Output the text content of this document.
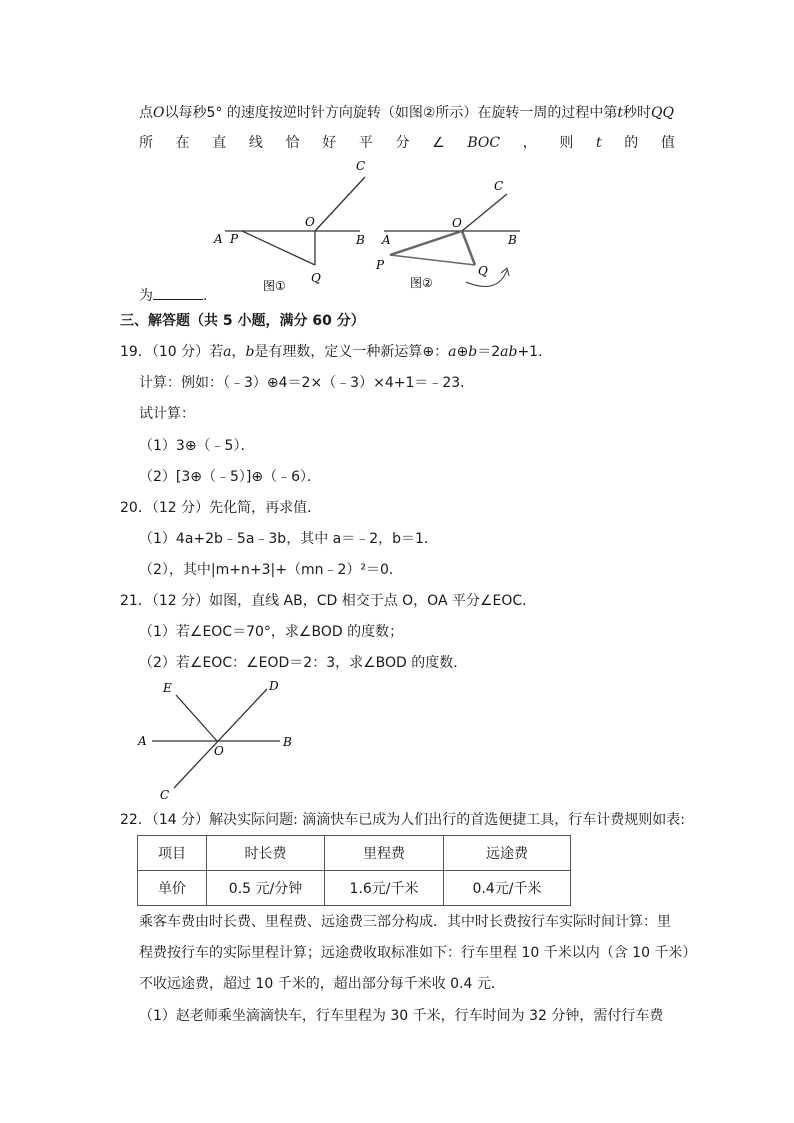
点O以每秒5° 的速度按逆时针方向旋转（如图②所示）在旋转一周的过程中第t秒时QQ
所 在 直 线 恰 好 平 分 ∠ BOC ， 则 t 的 值
C
O
A P	B
Q
图①
C
O
A
P
B
Q
图②
为	.
三、解答题（共 5 小题，满分 60 分）
19．（10 分）若a，b是有理数，定义一种新运算⊕：a⊕b＝2ab+1．
计算：例如：（﹣3）⊕4＝2×（﹣3）×4+1＝﹣23．
试计算：
（1）3⊕（﹣5）．
（2）[3⊕（﹣5）]⊕（﹣6）．
20．（12 分）先化简，再求值．
（1）4a+2b﹣5a﹣3b，其中 a＝﹣2，b＝1．
（2），其中|m+n+3|+（mn﹣2）²＝0．
21．（12 分）如图，直线 AB，CD 相交于点 O，OA 平分∠EOC．
（1）若∠EOC＝70°，求∠BOD 的度数；
（2）若∠EOC：∠EOD＝2：3，求∠BOD 的度数．
E	D
A
O
B
C
22．（14 分）解决实际问题: 滴滴快车已成为人们出行的首选便捷工具，行车计费规则如表:
项目	时长费	里程费	远途费
单价	0.5 元/分钟	1.6元/千米	0.4元/千米
乘客车费由时长费、里程费、远途费三部分构成．其中时长费按行车实际时间计算：里
程费按行车的实际里程计算；远途费收取标准如下：行车里程 10 千米以内（含 10 千米）
不收远途费，超过 10 千米的，超出部分每千米收 0.4 元．
（1）赵老师乘坐滴滴快车，行车里程为 30 千米，行车时间为 32 分钟，需付行车费
